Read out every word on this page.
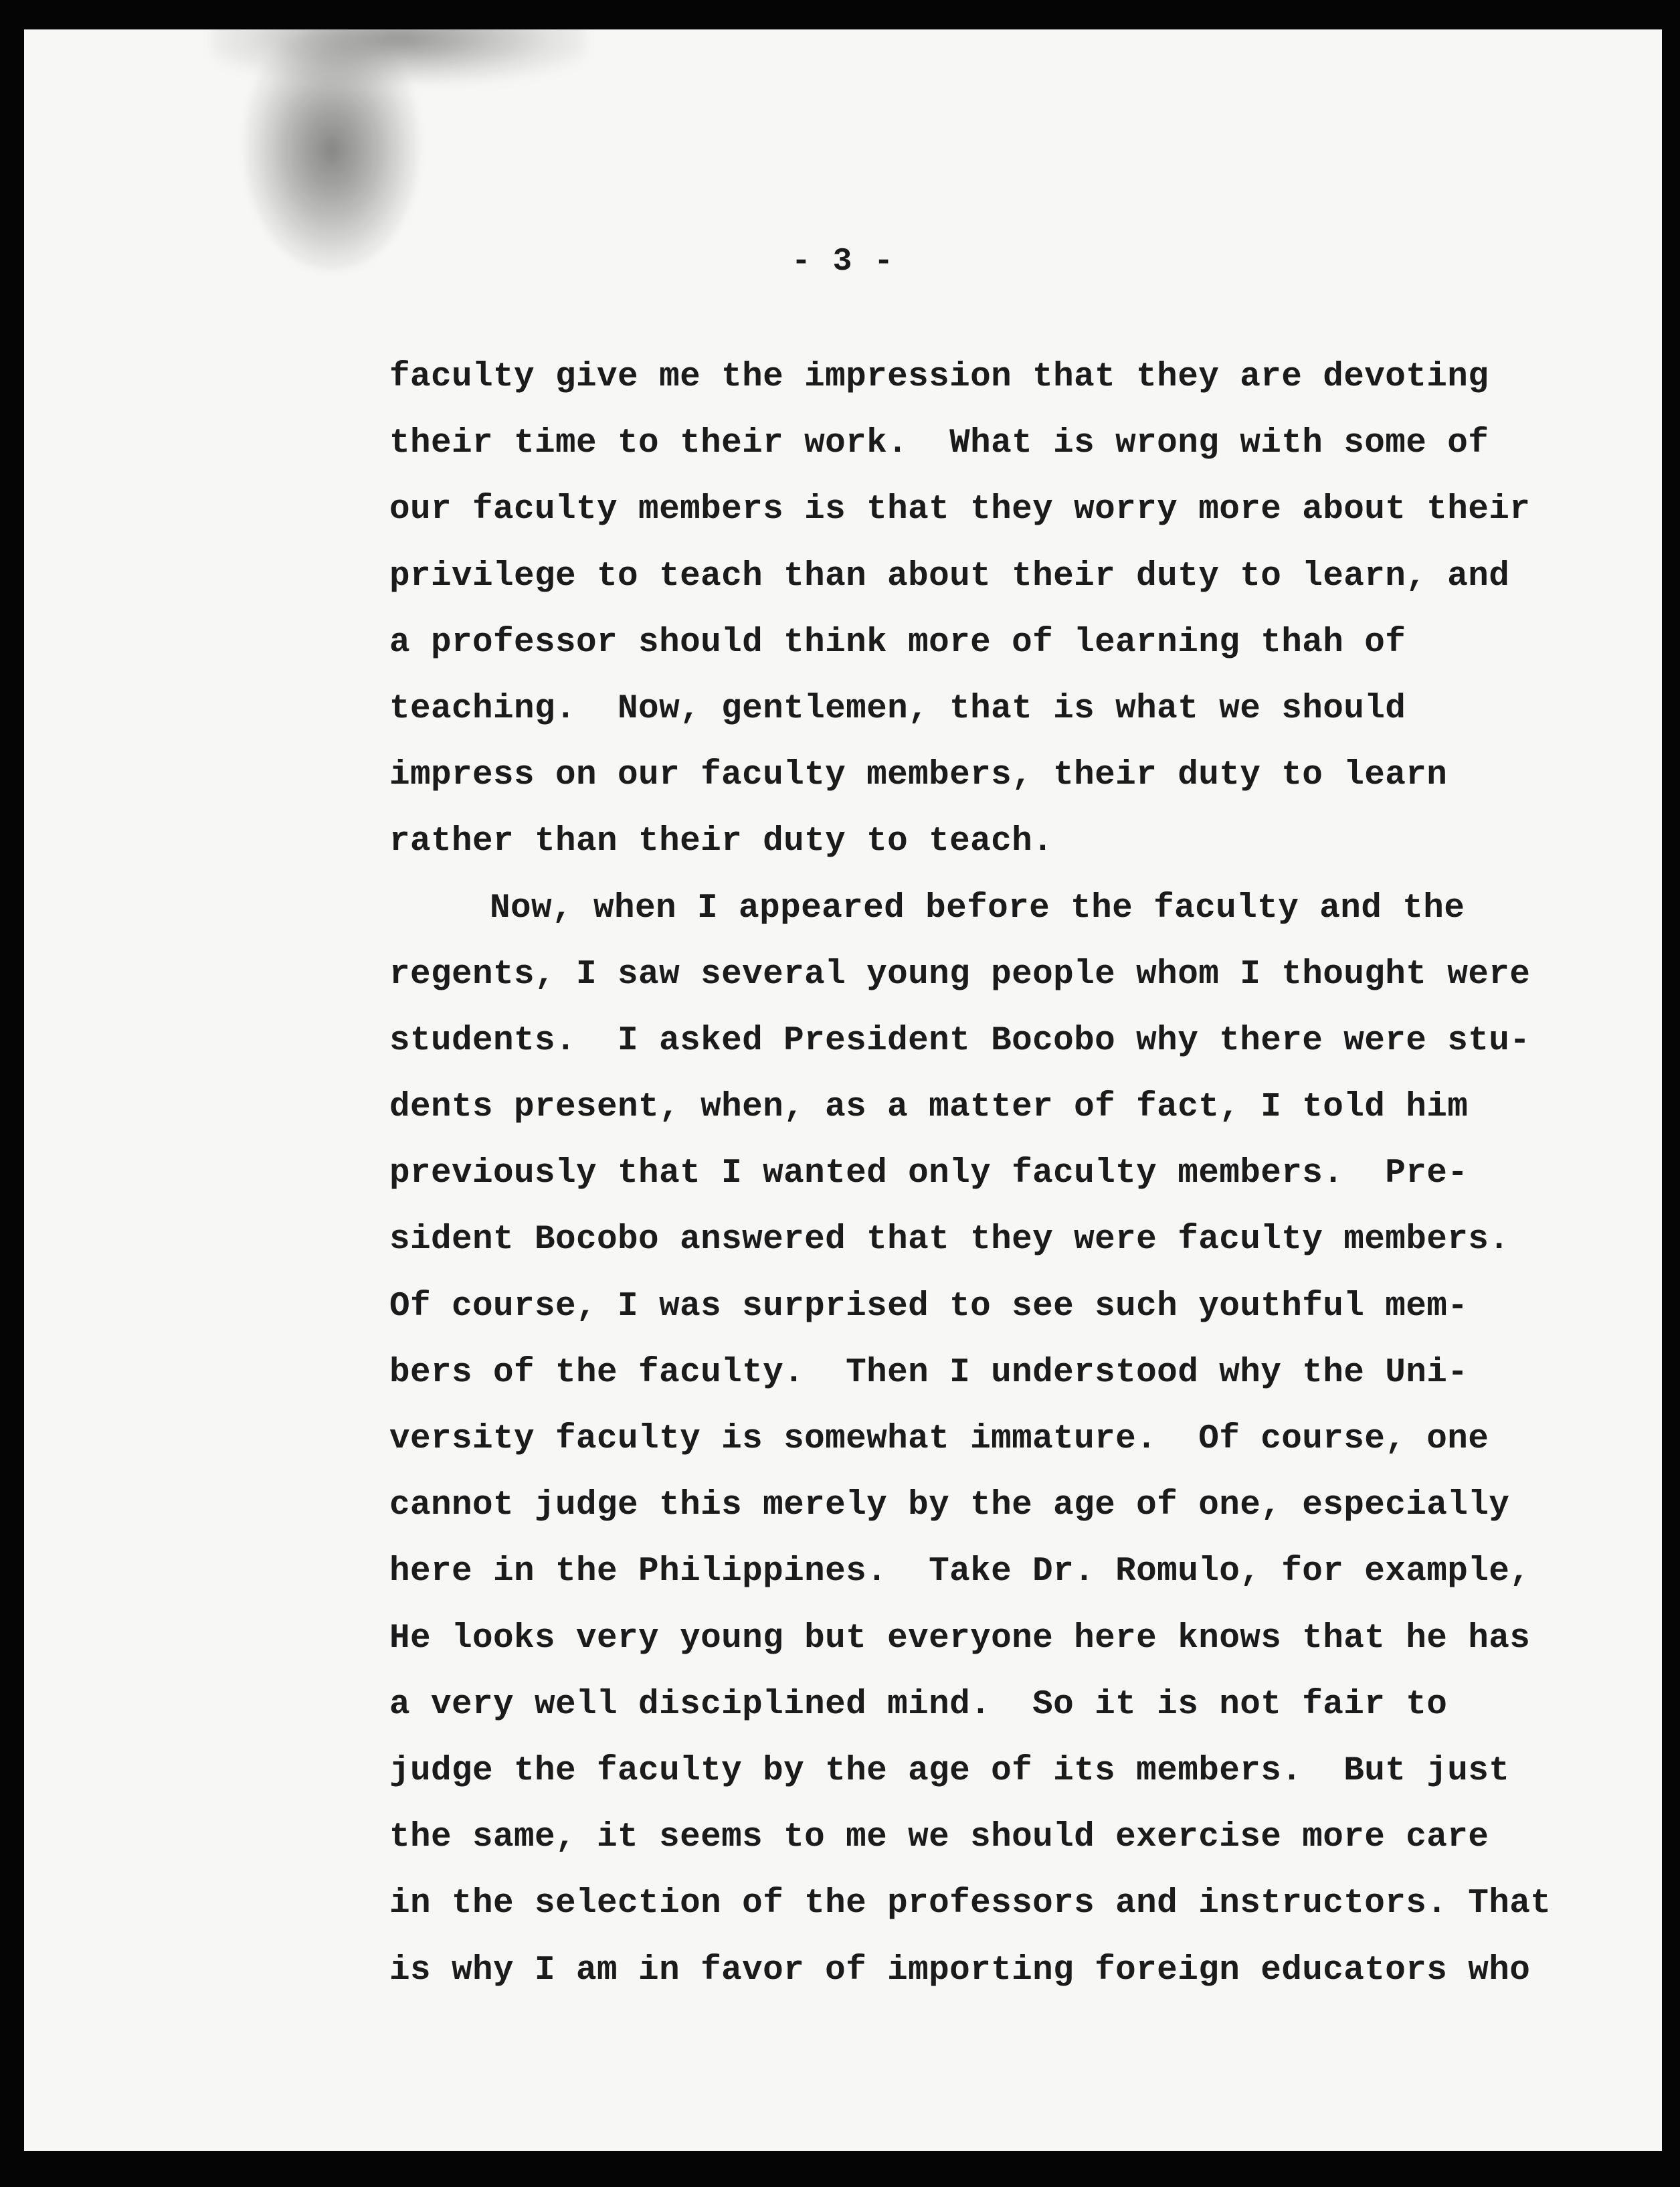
- 3 -
faculty give me the impression that they are devoting
their time to their work.  What is wrong with some of
our faculty members is that they worry more about their
privilege to teach than about their duty to learn, and
a professor should think more of learning thah of
teaching.  Now, gentlemen, that is what we should
impress on our faculty members, their duty to learn
rather than their duty to teach.
Now, when I appeared before the faculty and the
regents, I saw several young people whom I thought were
students.  I asked President Bocobo why there were stu-
dents present, when, as a matter of fact, I told him
previously that I wanted only faculty members.  Pre-
sident Bocobo answered that they were faculty members.
Of course, I was surprised to see such youthful mem-
bers of the faculty.  Then I understood why the Uni-
versity faculty is somewhat immature.  Of course, one
cannot judge this merely by the age of one, especially
here in the Philippines.  Take Dr. Romulo, for example,
He looks very young but everyone here knows that he has
a very well disciplined mind.  So it is not fair to
judge the faculty by the age of its members.  But just
the same, it seems to me we should exercise more care
in the selection of the professors and instructors. That
is why I am in favor of importing foreign educators who
